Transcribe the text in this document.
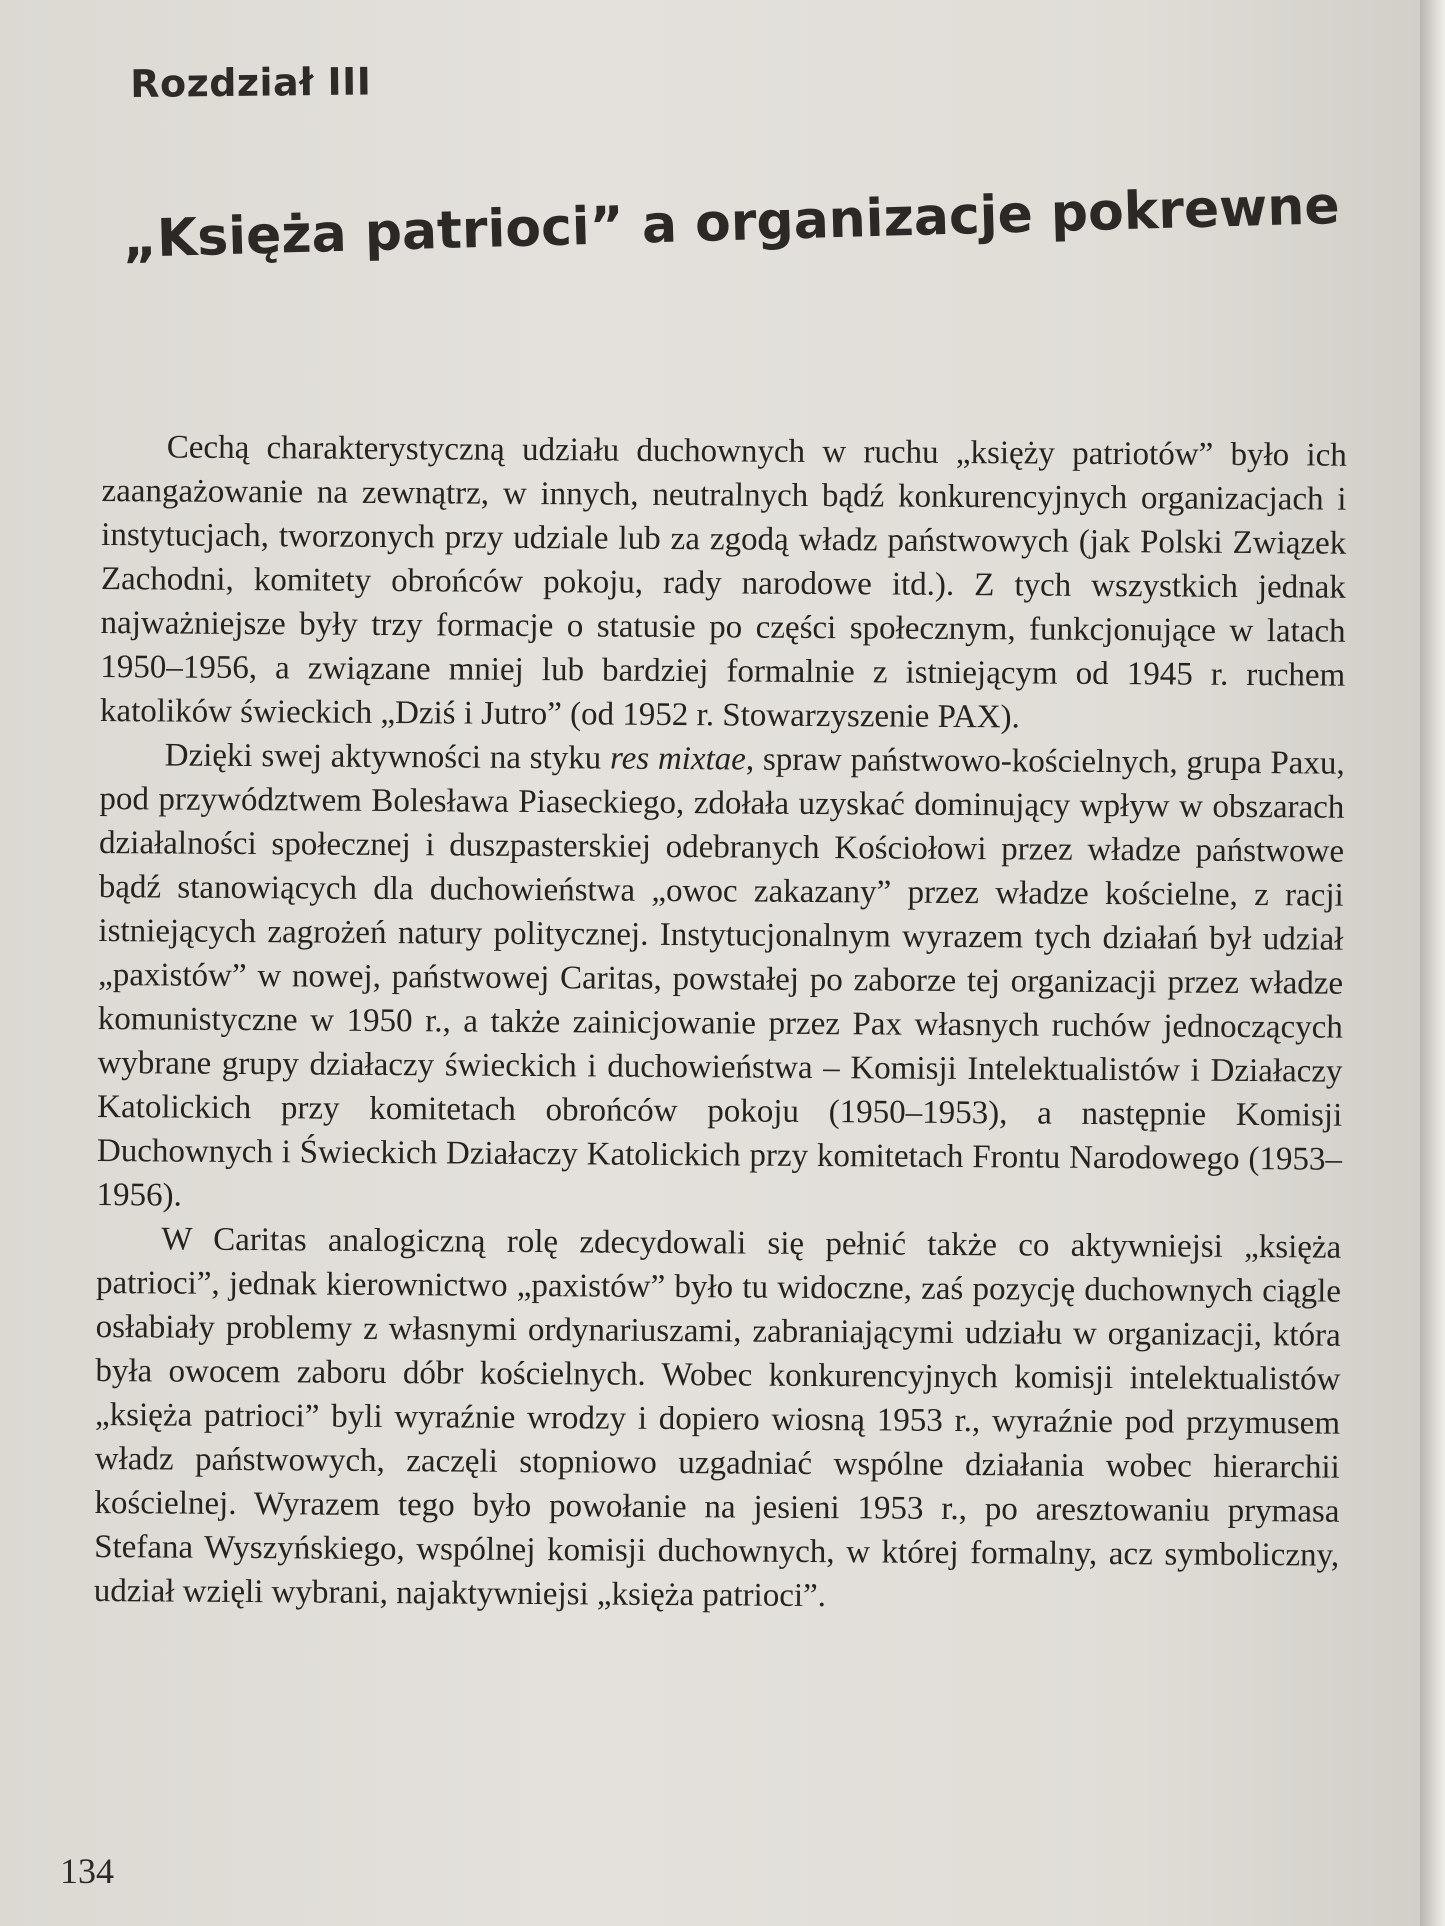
Rozdział III
„Księża patrioci” a organizacje pokrewne

Cechą charakterystyczną udziału duchownych w ruchu „księży patriotów” było ich zaangażowanie na zewnątrz, w innych, neutralnych bądź konkurencyjnych organizacjach i instytucjach, tworzonych przy udziale lub za zgodą władz państwowych (jak Polski Związek Zachodni, komitety obrońców pokoju, rady narodowe itd.). Z tych wszystkich jednak najważniejsze były trzy formacje o statusie po części społecznym, funkcjonujące w latach 1950–1956, a związane mniej lub bardziej formalnie z istniejącym od 1945 r. ruchem katolików świeckich „Dziś i Jutro” (od 1952 r. Stowarzyszenie PAX).

Dzięki swej aktywności na styku res mixtae, spraw państwowo-kościelnych, grupa Paxu, pod przywództwem Bolesława Piaseckiego, zdołała uzyskać dominujący wpływ w obszarach działalności społecznej i duszpasterskiej odebranych Kościołowi przez władze państwowe bądź stanowiących dla duchowieństwa „owoc zakazany” przez władze kościelne, z racji istniejących zagrożeń natury politycznej. Instytucjonalnym wyrazem tych działań był udział „paxistów” w nowej, państwowej Caritas, powstałej po zaborze tej organizacji przez władze komunistyczne w 1950 r., a także zainicjowanie przez Pax własnych ruchów jednoczących wybrane grupy działaczy świeckich i duchowieństwa – Komisji Intelektualistów i Działaczy Katolickich przy komitetach obrońców pokoju (1950–1953), a następnie Komisji Duchownych i Świeckich Działaczy Katolickich przy komitetach Frontu Narodowego (1953–1956).

W Caritas analogiczną rolę zdecydowali się pełnić także co aktywniejsi „księża patrioci”, jednak kierownictwo „paxistów” było tu widoczne, zaś pozycję duchownych ciągle osłabiały problemy z własnymi ordynariuszami, zabraniającymi udziału w organizacji, która była owocem zaboru dóbr kościelnych. Wobec konkurencyjnych komisji intelektualistów „księża patrioci” byli wyraźnie wrodzy i dopiero wiosną 1953 r., wyraźnie pod przymusem władz państwowych, zaczęli stopniowo uzgadniać wspólne działania wobec hierarchii kościelnej. Wyrazem tego było powołanie na jesieni 1953 r., po aresztowaniu prymasa Stefana Wyszyńskiego, wspólnej komisji duchownych, w której formalny, acz symboliczny, udział wzięli wybrani, najaktywniejsi „księża patrioci”.

134
